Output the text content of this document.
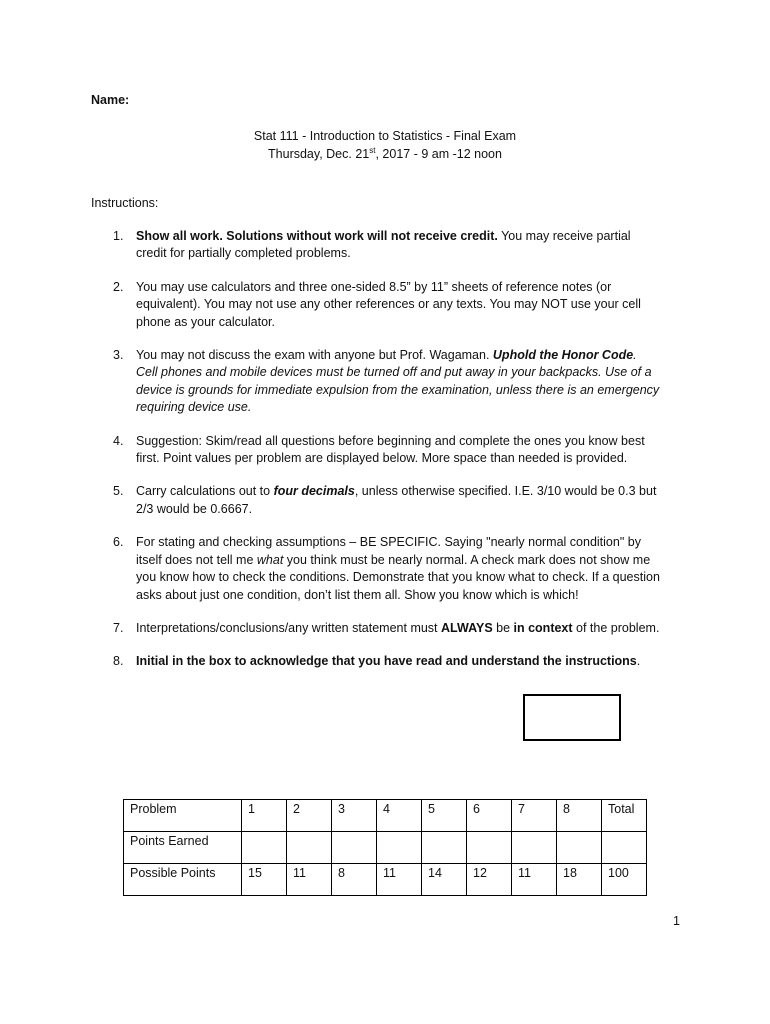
Name:
Stat 111 - Introduction to Statistics - Final Exam
Thursday, Dec. 21st, 2017 - 9 am -12 noon
Instructions:
1. Show all work. Solutions without work will not receive credit. You may receive partial credit for partially completed problems.
2. You may use calculators and three one-sided 8.5” by 11” sheets of reference notes (or equivalent). You may not use any other references or any texts. You may NOT use your cell phone as your calculator.
3. You may not discuss the exam with anyone but Prof. Wagaman. Uphold the Honor Code. Cell phones and mobile devices must be turned off and put away in your backpacks. Use of a device is grounds for immediate expulsion from the examination, unless there is an emergency requiring device use.
4. Suggestion: Skim/read all questions before beginning and complete the ones you know best first. Point values per problem are displayed below. More space than needed is provided.
5. Carry calculations out to four decimals, unless otherwise specified. I.E. 3/10 would be 0.3 but 2/3 would be 0.6667.
6. For stating and checking assumptions – BE SPECIFIC. Saying "nearly normal condition" by itself does not tell me what you think must be nearly normal. A check mark does not show me you know how to check the conditions. Demonstrate that you know what to check. If a question asks about just one condition, don’t list them all. Show you know which is which!
7. Interpretations/conclusions/any written statement must ALWAYS be in context of the problem.
8. Initial in the box to acknowledge that you have read and understand the instructions.
Problem	1	2	3	4	5	6	7	8	Total
Points Earned									
Possible Points	15	11	8	11	14	12	11	18	100
1
